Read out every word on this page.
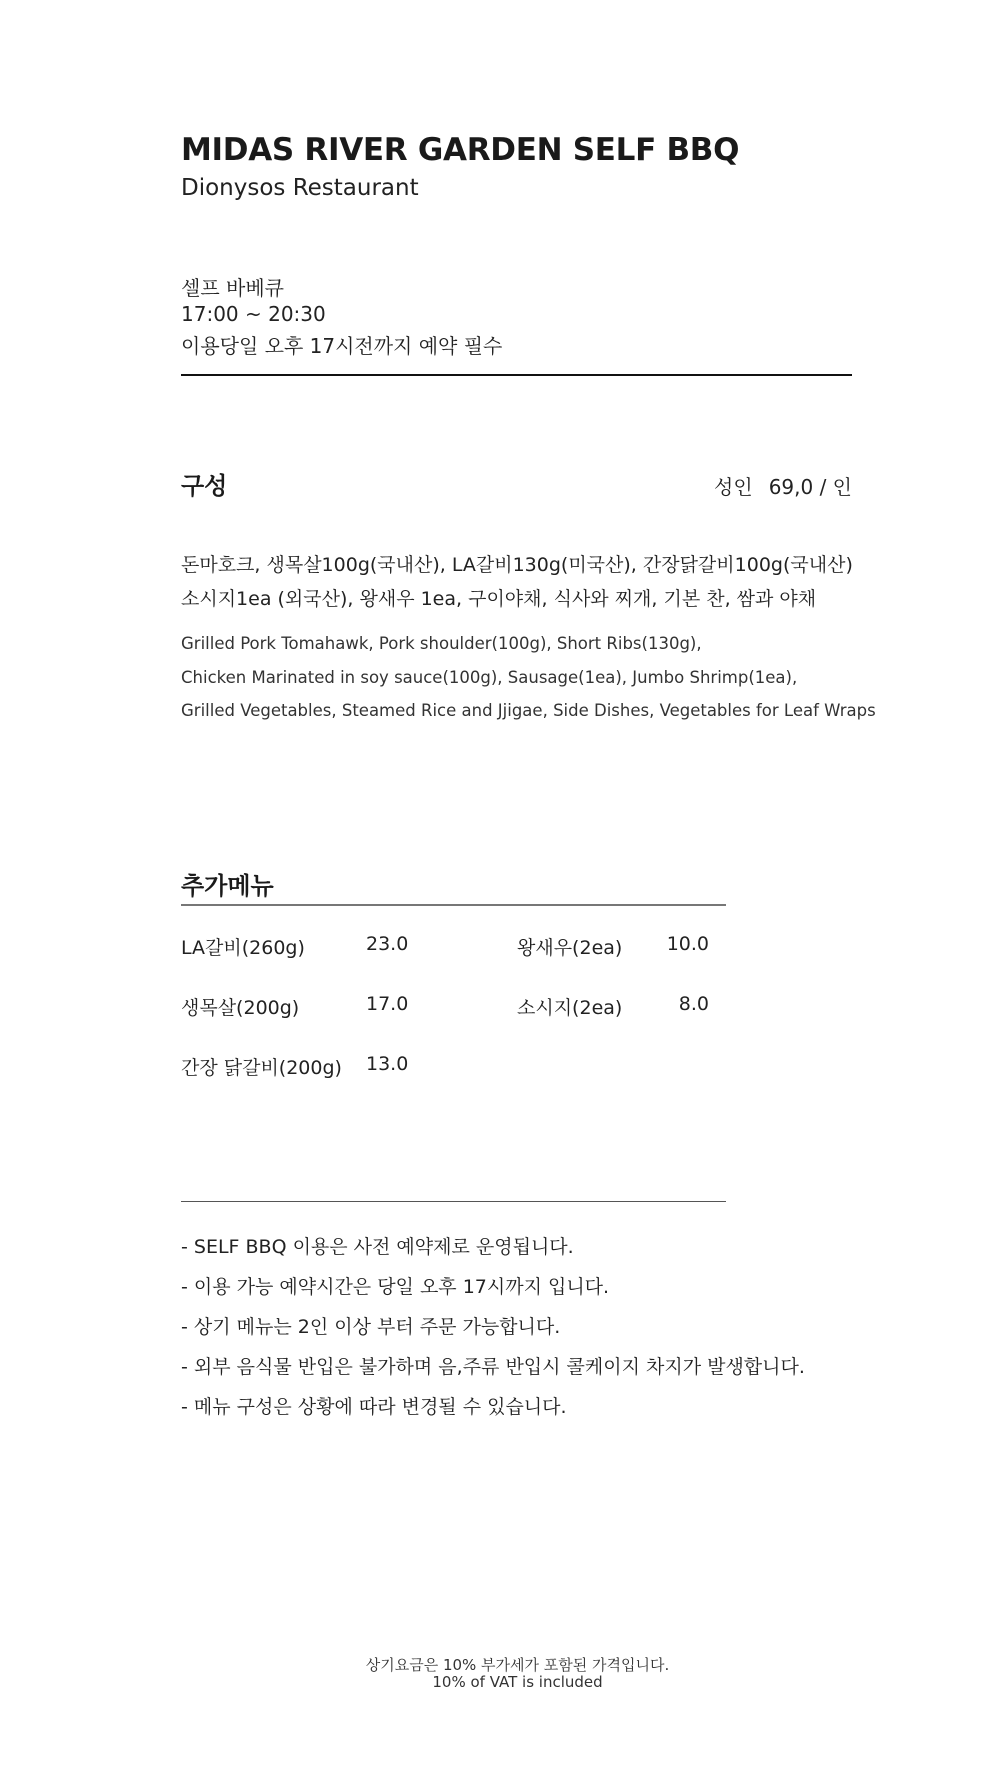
MIDAS RIVER GARDEN SELF BBQ
Dionysos Restaurant
셀프 바베큐
17:00 ~ 20:30
이용당일 오후 17시전까지 예약 필수
구성	성인 69,0 / 인
돈마호크, 생목살100g(국내산), LA갈비130g(미국산), 간장닭갈비100g(국내산)
소시지1ea (외국산), 왕새우 1ea, 구이야채, 식사와 찌개, 기본 찬, 쌈과 야채
Grilled Pork Tomahawk, Pork shoulder(100g), Short Ribs(130g),
Chicken Marinated in soy sauce(100g), Sausage(1ea), Jumbo Shrimp(1ea),
Grilled Vegetables, Steamed Rice and Jjigae, Side Dishes, Vegetables for Leaf Wraps
추가메뉴
LA갈비(260g)	23.0	왕새우(2ea)	10.0
생목살(200g)	17.0	소시지(2ea)	8.0
간장 닭갈비(200g) 13.0
- SELF BBQ 이용은 사전 예약제로 운영됩니다.
- 이용 가능 예약시간은 당일 오후 17시까지 입니다.
- 상기 메뉴는 2인 이상 부터 주문 가능합니다.
- 외부 음식물 반입은 불가하며 음,주류 반입시 콜케이지 차지가 발생합니다.
- 메뉴 구성은 상황에 따라 변경될 수 있습니다.
상기요금은 10% 부가세가 포함된 가격입니다.
10% of VAT is included
